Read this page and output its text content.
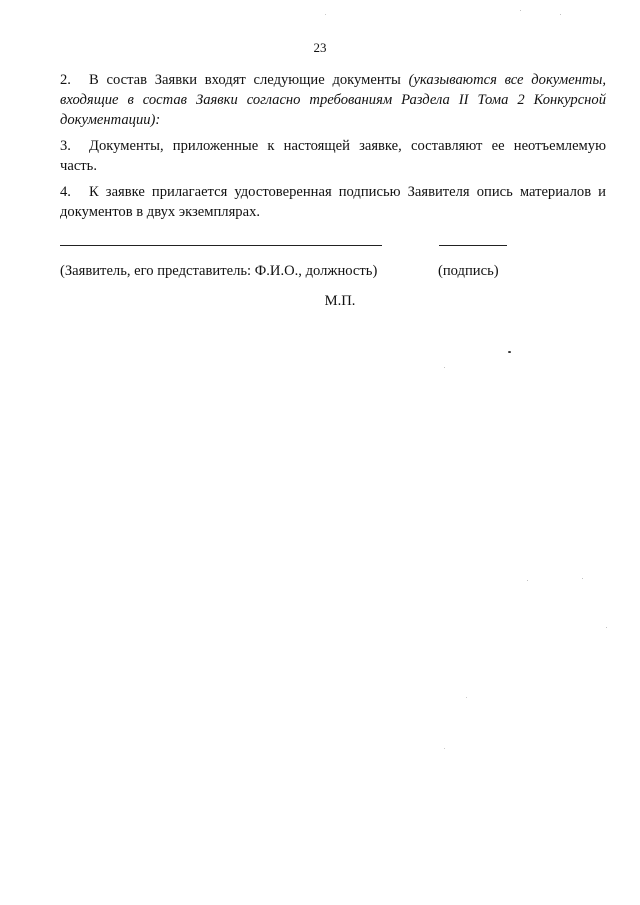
23
2. В состав Заявки входят следующие документы (указываются все документы, входящие в состав Заявки согласно требованиям Раздела II Тома 2 Конкурсной документации):
3. Документы, приложенные к настоящей заявке, составляют ее неотъемлемую часть.
4. К заявке прилагается удостоверенная подписью Заявителя опись материалов и документов в двух экземплярах.
(Заявитель, его представитель: Ф.И.О., должность)	(подпись)
М.П.
